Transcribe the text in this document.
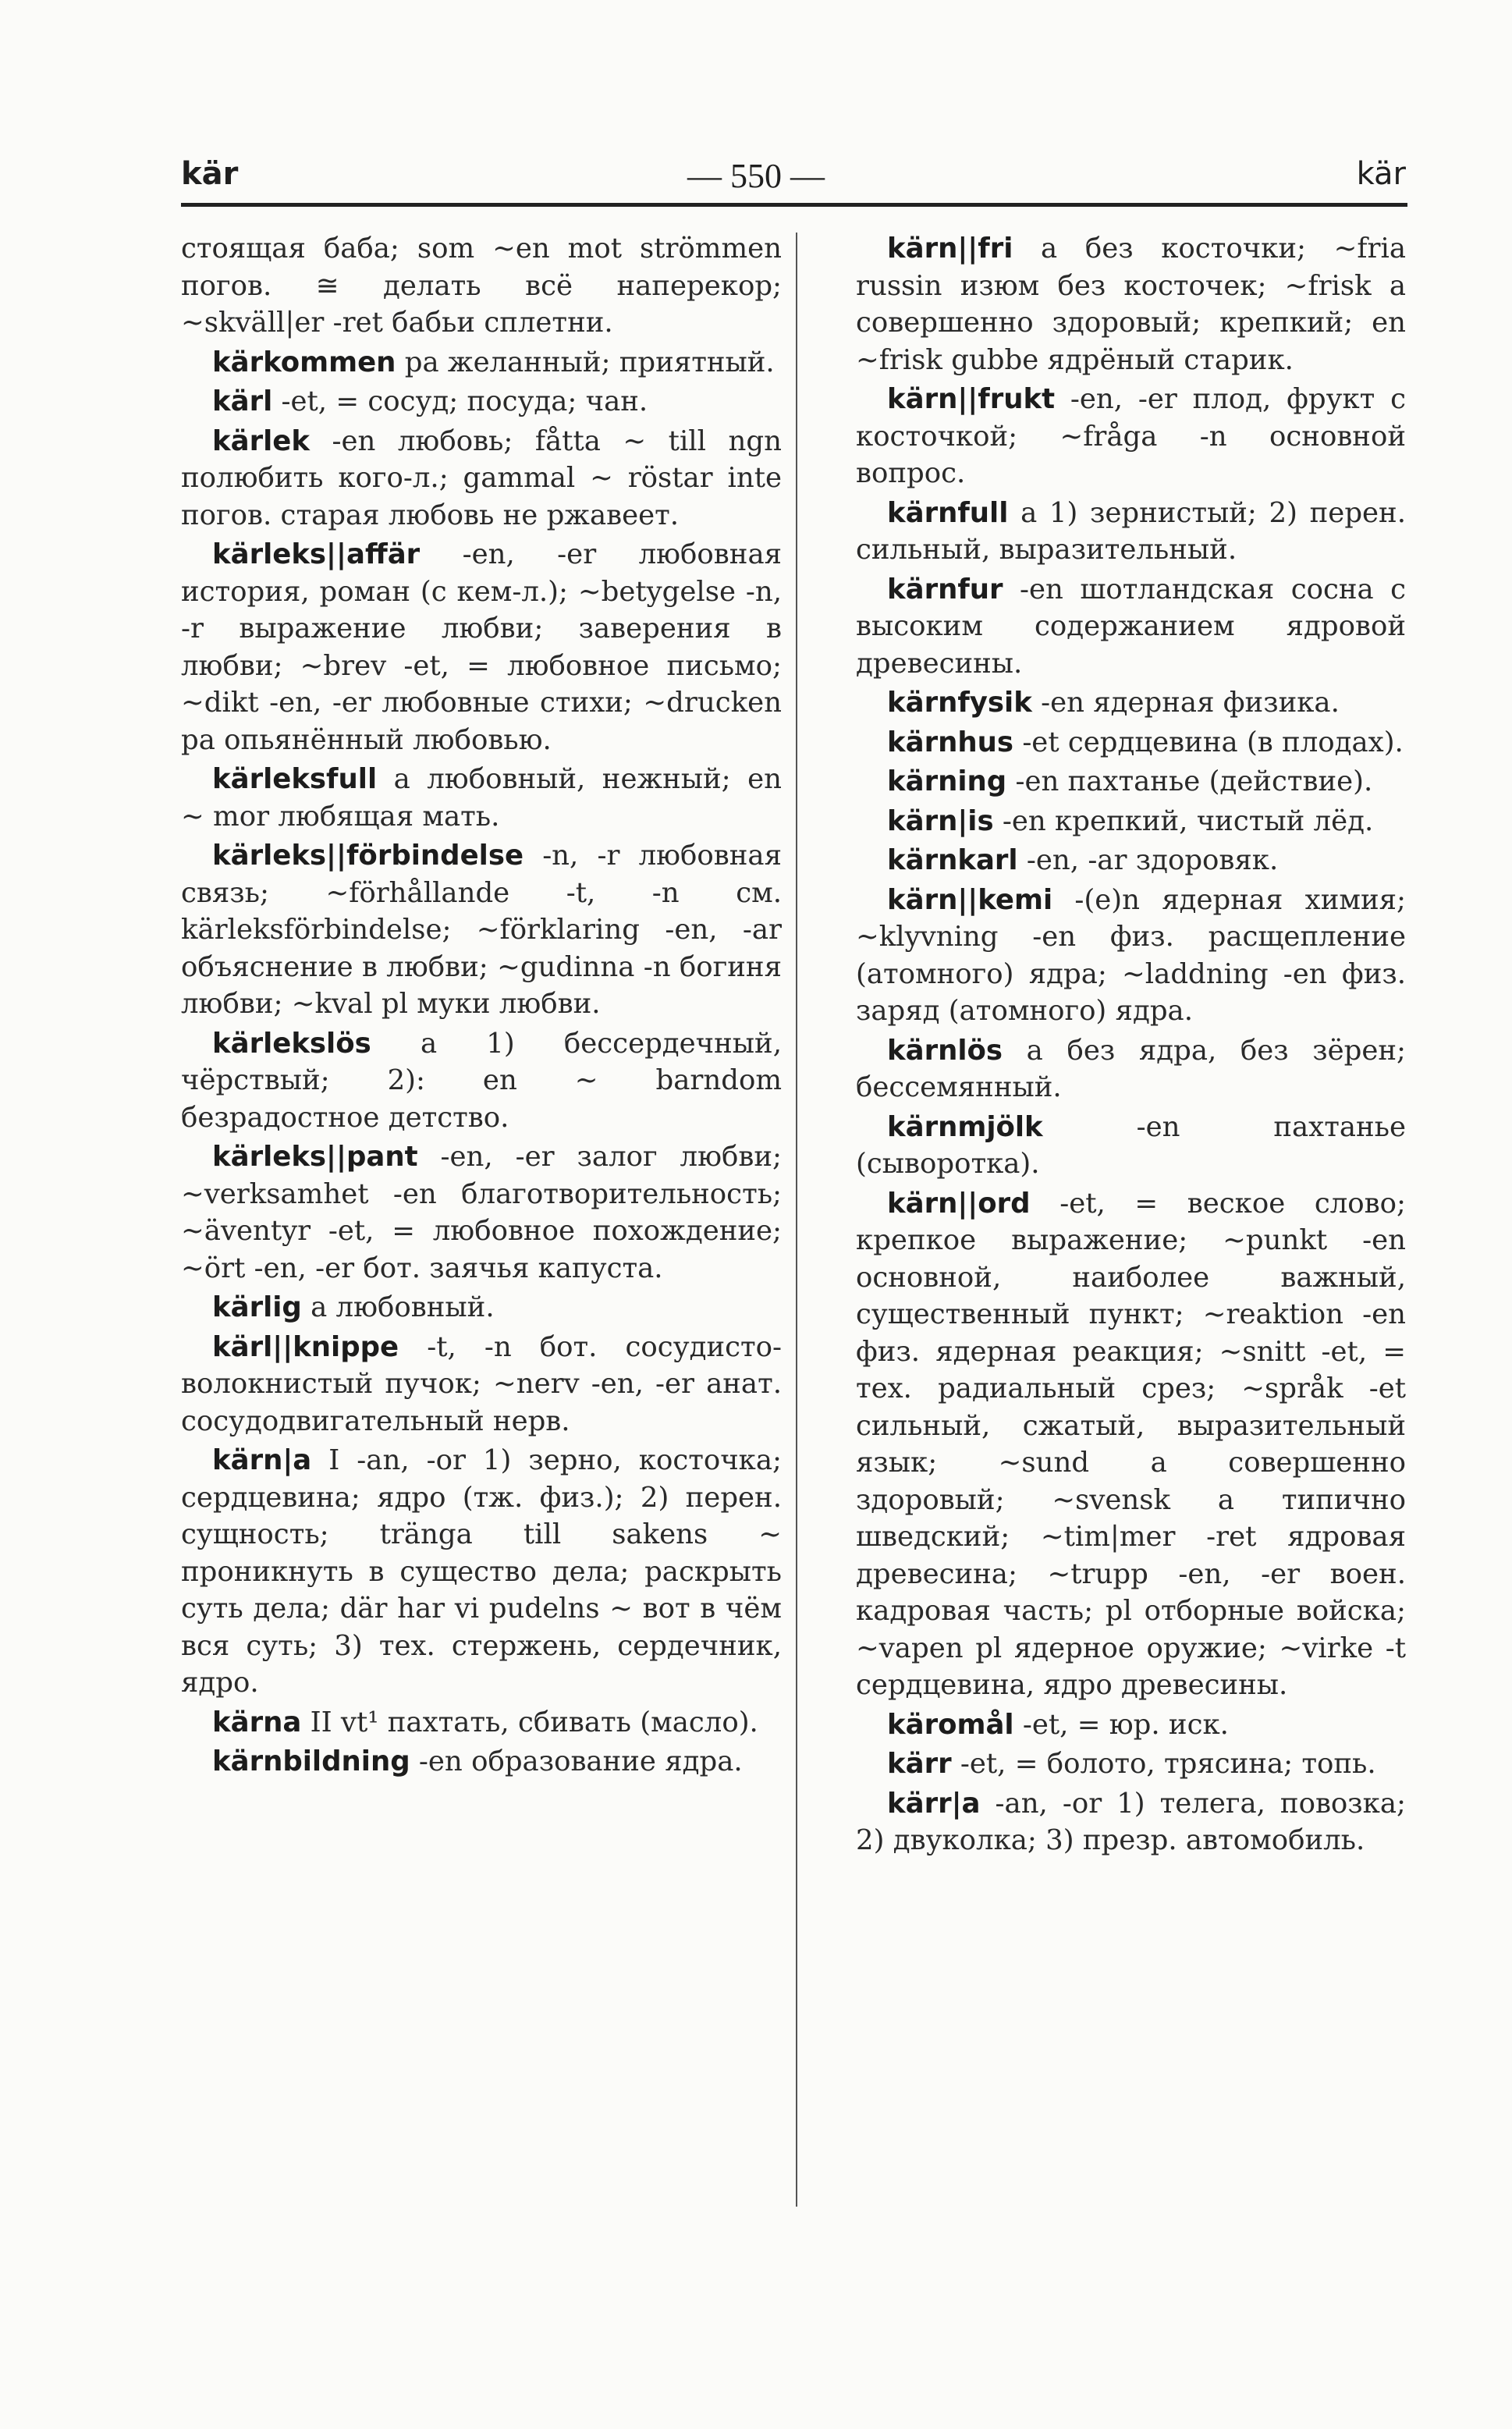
kär	— 550 —	kär

стоящая баба; som ~en mot strömmen погов. ≅ делать всё наперекор; ~skväll|er -ret бабьи сплетни.

kärkommen pa желанный; приятный.

kärl -et, = сосуд; посуда; чан.

kärlek -en любовь; fåtta ~ till ngn полюбить кого-л.; gammal ~ röstar inte погов. старая любовь не ржавеет.

kärleks||affär -en, -er любовная история, роман (с кем-л.); ~betygelse -n, -r выражение любви; заверения в любви; ~brev -et, = любовное письмо; ~dikt -en, -er любовные стихи; ~drucken pa опьянённый любовью.

kärleksfull a любовный, нежный; en ~ mor любящая мать.

kärleks||förbindelse -n, -r любовная связь; ~förhållande -t, -n см. kärleksförbindelse; ~förklaring -en, -ar объяснение в любви; ~gudinna -n богиня любви; ~kval pl муки любви.

kärlekslös a 1) бессердечный, чёрствый; 2): en ~ barndom безрадостное детство.

kärleks||pant -en, -er залог любви; ~verksamhet -en благотворительность; ~äventyr -et, = любовное похождение; ~ört -en, -er бот. заячья капуста.

kärlig a любовный.

kärl||knippe -t, -n бот. сосудисто-волокнистый пучок; ~nerv -en, -er анат. сосудодвигательный нерв.

kärn|a I -an, -or 1) зерно, косточка; сердцевина; ядро (тж. физ.); 2) перен. сущность; tränga till sakens ~ проникнуть в существо дела; раскрыть суть дела; där har vi pudelns ~ вот в чём вся суть; 3) тех. стержень, сердечник, ядро.

kärna II vt¹ пахтать, сбивать (масло).

kärnbildning -en образование ядра.

kärn||fri a без косточки; ~fria russin изюм без косточек; ~frisk a совершенно здоровый; крепкий; en ~frisk gubbe ядрёный старик.

kärn||frukt -en, -er плод, фрукт с косточкой; ~fråga -n основной вопрос.

kärnfull a 1) зернистый; 2) перен. сильный, выразительный.

kärnfur -en шотландская сосна с высоким содержанием ядровой древесины.

kärnfysik -en ядерная физика.

kärnhus -et сердцевина (в плодах).

kärning -en пахтанье (действие).

kärn|is -en крепкий, чистый лёд.

kärnkarl -en, -ar здоровяк.

kärn||kemi -(e)n ядерная химия; ~klyvning -en физ. расщепление (атомного) ядра; ~laddning -en физ. заряд (атомного) ядра.

kärnlös a без ядра, без зёрен; бессемянный.

kärnmjölk -en пахтанье (сыворотка).

kärn||ord -et, = веское слово; крепкое выражение; ~punkt -en основной, наиболее важный, существенный пункт; ~reaktion -en физ. ядерная реакция; ~snitt -et, = тех. радиальный срез; ~språk -et сильный, сжатый, выразительный язык; ~sund a совершенно здоровый; ~svensk a типично шведский; ~tim|mer -ret ядровая древесина; ~trupp -en, -er воен. кадровая часть; pl отборные войска; ~vapen pl ядерное оружие; ~virke -t сердцевина, ядро древесины.

käromål -et, = юр. иск.

kärr -et, = болото, трясина; топь.

kärr|a -an, -or 1) телега, повозка; 2) двуколка; 3) презр. автомобиль.
